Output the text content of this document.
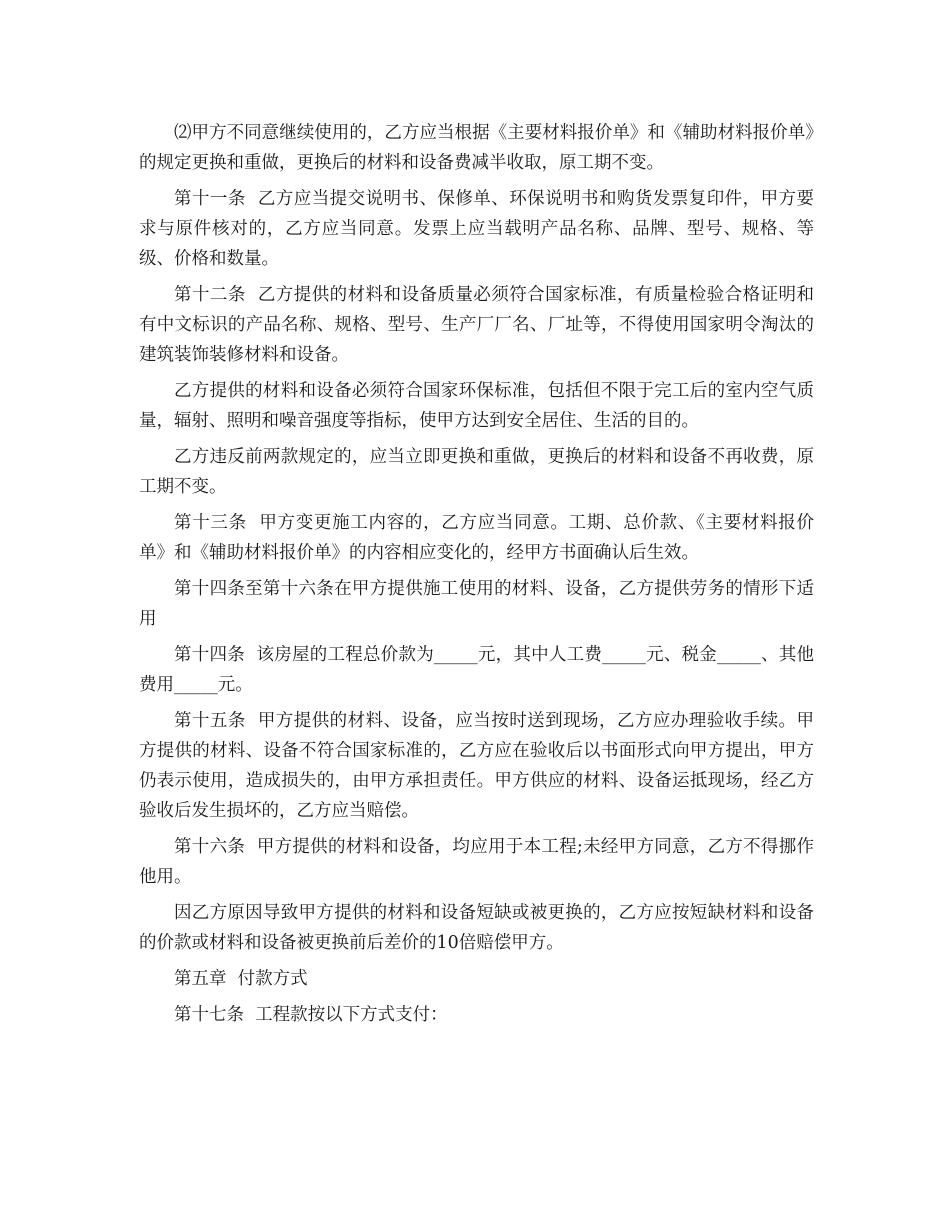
⑵甲方不同意继续使用的，乙方应当根据《主要材料报价单》和《辅助材料报价单》的规定更换和重做，更换后的材料和设备费减半收取，原工期不变。

第十一条  乙方应当提交说明书、保修单、环保说明书和购货发票复印件，甲方要求与原件核对的，乙方应当同意。发票上应当载明产品名称、品牌、型号、规格、等级、价格和数量。

第十二条  乙方提供的材料和设备质量必须符合国家标准，有质量检验合格证明和有中文标识的产品名称、规格、型号、生产厂厂名、厂址等，不得使用国家明令淘汰的建筑装饰装修材料和设备。

乙方提供的材料和设备必须符合国家环保标准，包括但不限于完工后的室内空气质量，辐射、照明和噪音强度等指标，使甲方达到安全居住、生活的目的。

乙方违反前两款规定的，应当立即更换和重做，更换后的材料和设备不再收费，原工期不变。

第十三条  甲方变更施工内容的，乙方应当同意。工期、总价款、《主要材料报价单》和《辅助材料报价单》的内容相应变化的，经甲方书面确认后生效。

第十四条至第十六条在甲方提供施工使用的材料、设备，乙方提供劳务的情形下适用

第十四条  该房屋的工程总价款为_____元，其中人工费_____元、税金_____、其他费用_____元。

第十五条  甲方提供的材料、设备，应当按时送到现场，乙方应办理验收手续。甲方提供的材料、设备不符合国家标准的，乙方应在验收后以书面形式向甲方提出，甲方仍表示使用，造成损失的，由甲方承担责任。甲方供应的材料、设备运抵现场，经乙方验收后发生损坏的，乙方应当赔偿。

第十六条  甲方提供的材料和设备，均应用于本工程;未经甲方同意，乙方不得挪作他用。

因乙方原因导致甲方提供的材料和设备短缺或被更换的，乙方应按短缺材料和设备的价款或材料和设备被更换前后差价的10倍赔偿甲方。

第五章  付款方式

第十七条  工程款按以下方式支付：
